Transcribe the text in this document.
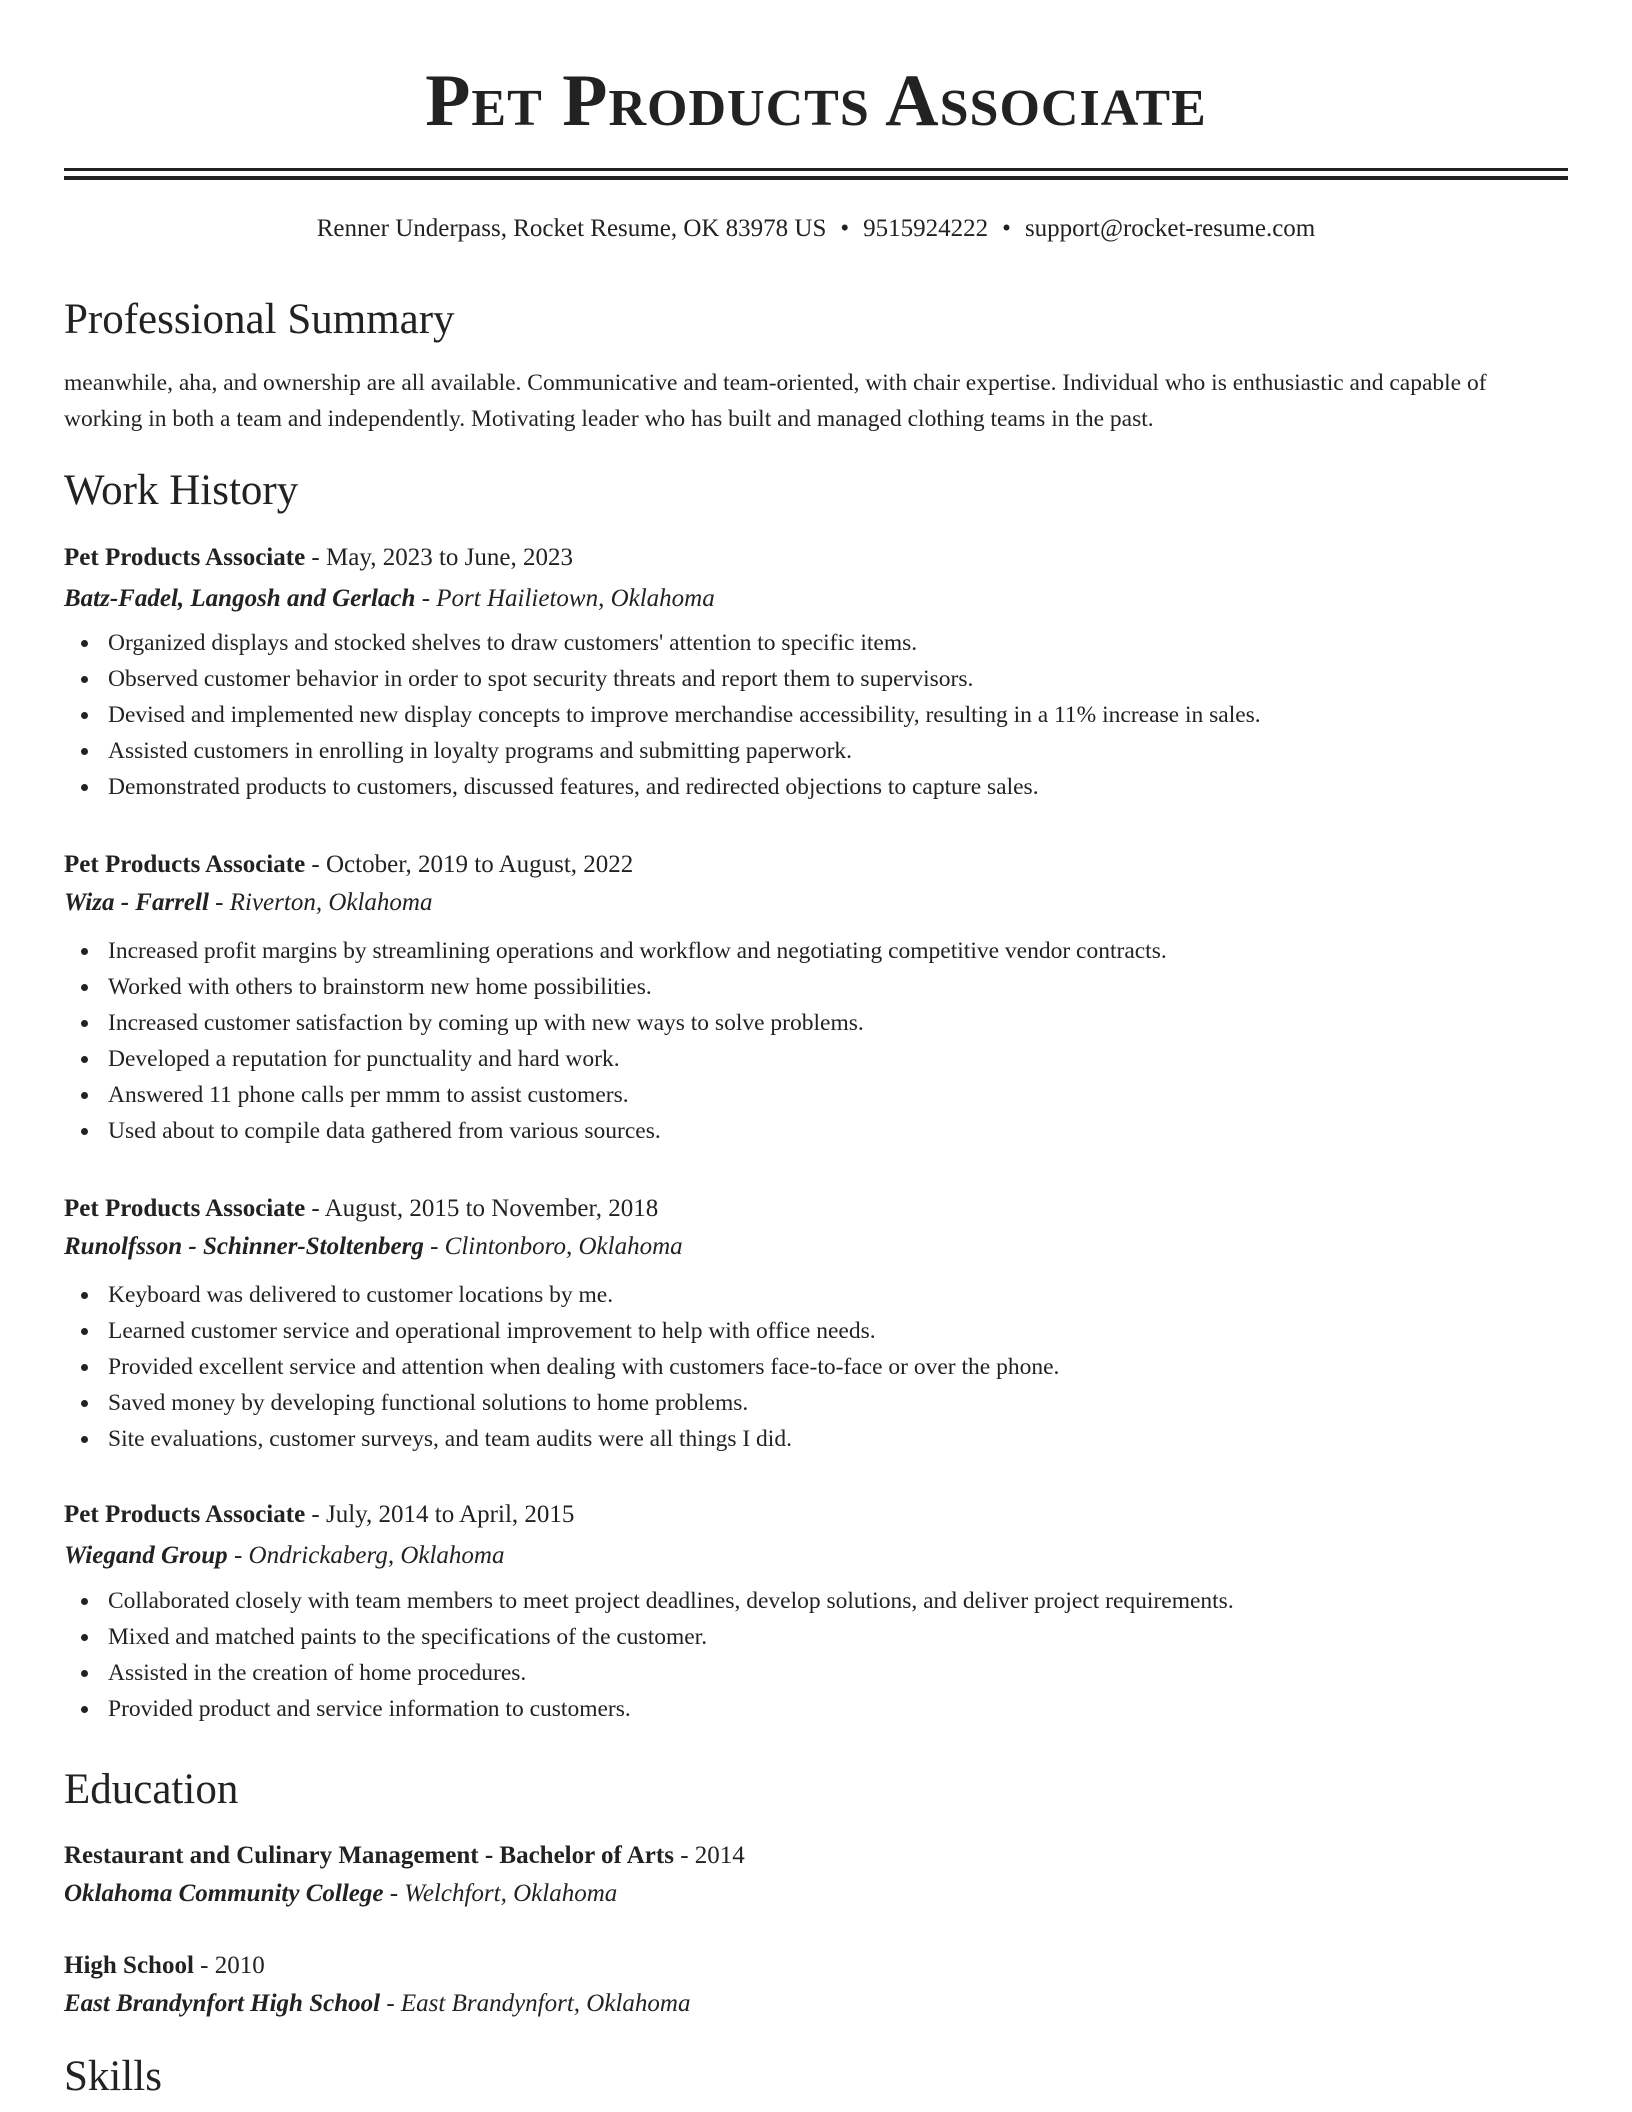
Pet Products Associate
Renner Underpass, Rocket Resume, OK 83978 US • 9515924222 • support@rocket-resume.com
Professional Summary

meanwhile, aha, and ownership are all available. Communicative and team-oriented, with chair expertise. Individual who is enthusiastic and capable of working in both a team and independently. Motivating leader who has built and managed clothing teams in the past.

Work History

Pet Products Associate - May, 2023 to June, 2023

Batz-Fadel, Langosh and Gerlach - Port Hailietown, Oklahoma

Organized displays and stocked shelves to draw customers' attention to specific items.
Observed customer behavior in order to spot security threats and report them to supervisors.
Devised and implemented new display concepts to improve merchandise accessibility, resulting in a 11% increase in sales.
Assisted customers in enrolling in loyalty programs and submitting paperwork.
Demonstrated products to customers, discussed features, and redirected objections to capture sales.

Pet Products Associate - October, 2019 to August, 2022

Wiza - Farrell - Riverton, Oklahoma

Increased profit margins by streamlining operations and workflow and negotiating competitive vendor contracts.
Worked with others to brainstorm new home possibilities.
Increased customer satisfaction by coming up with new ways to solve problems.
Developed a reputation for punctuality and hard work.
Answered 11 phone calls per mmm to assist customers.
Used about to compile data gathered from various sources.

Pet Products Associate - August, 2015 to November, 2018

Runolfsson - Schinner-Stoltenberg - Clintonboro, Oklahoma

Keyboard was delivered to customer locations by me.
Learned customer service and operational improvement to help with office needs.
Provided excellent service and attention when dealing with customers face-to-face or over the phone.
Saved money by developing functional solutions to home problems.
Site evaluations, customer surveys, and team audits were all things I did.

Pet Products Associate - July, 2014 to April, 2015

Wiegand Group - Ondrickaberg, Oklahoma

Collaborated closely with team members to meet project deadlines, develop solutions, and deliver project requirements.
Mixed and matched paints to the specifications of the customer.
Assisted in the creation of home procedures.
Provided product and service information to customers.
Education

Restaurant and Culinary Management - Bachelor of Arts - 2014

Oklahoma Community College - Welchfort, Oklahoma

High School - 2010

East Brandynfort High School - East Brandynfort, Oklahoma

Skills
